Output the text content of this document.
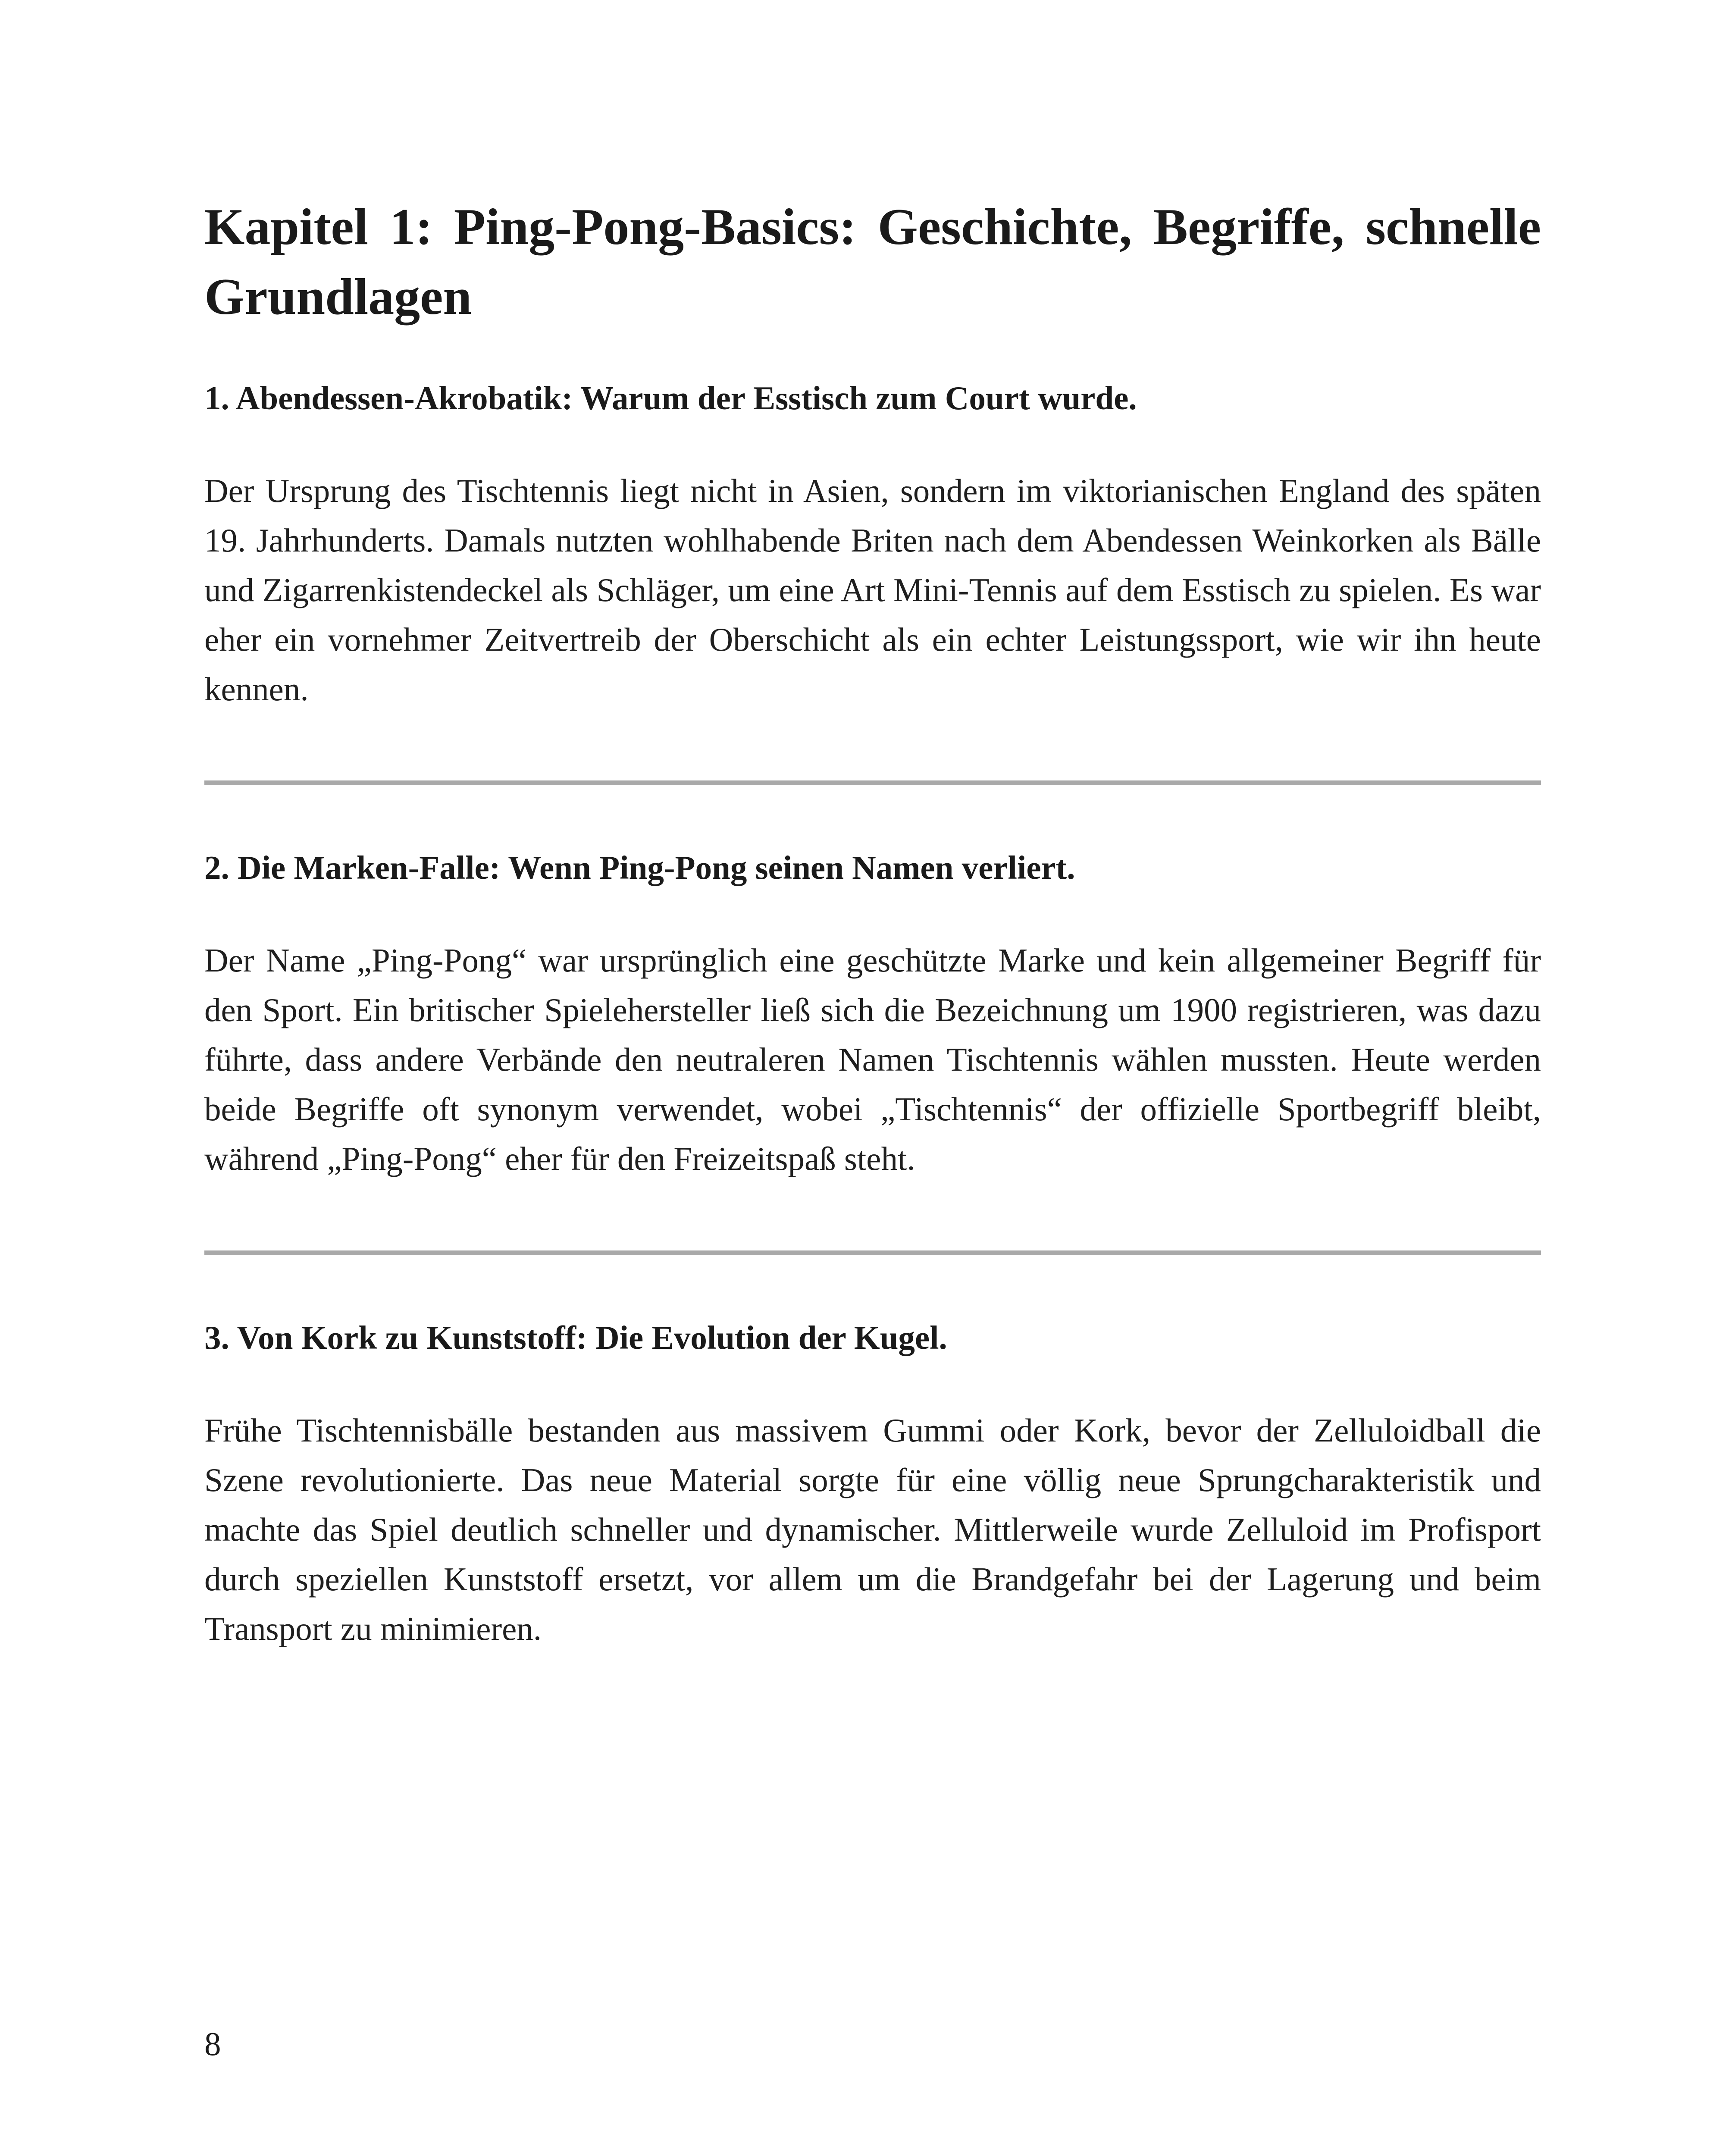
Kapitel 1: Ping-Pong-Basics: Geschichte, Begriffe, schnelle Grundlagen
1. Abendessen-Akrobatik: Warum der Esstisch zum Court wurde.

Der Ursprung des Tischtennis liegt nicht in Asien, sondern im viktorianischen England des späten 19. Jahrhunderts. Damals nutzten wohlhabende Briten nach dem Abendessen Weinkorken als Bälle und Zigarrenkistendeckel als Schläger, um eine Art Mini-Tennis auf dem Esstisch zu spielen. Es war eher ein vornehmer Zeitvertreib der Oberschicht als ein echter Leistungssport, wie wir ihn heute kennen.

2. Die Marken-Falle: Wenn Ping-Pong seinen Namen verliert.

Der Name „Ping-Pong“ war ursprünglich eine geschützte Marke und kein allgemeiner Begriff für den Sport. Ein britischer Spielehersteller ließ sich die Bezeichnung um 1900 registrieren, was dazu führte, dass andere Verbände den neutraleren Namen Tischtennis wählen mussten. Heute werden beide Begriffe oft synonym verwendet, wobei „Tischtennis“ der offizielle Sportbegriff bleibt, während „Ping-Pong“ eher für den Freizeitspaß steht.

3. Von Kork zu Kunststoff: Die Evolution der Kugel.

Frühe Tischtennisbälle bestanden aus massivem Gummi oder Kork, bevor der Zelluloidball die Szene revolutionierte. Das neue Material sorgte für eine völlig neue Sprungcharakteristik und machte das Spiel deutlich schneller und dynamischer. Mittlerweile wurde Zelluloid im Profisport durch speziellen Kunststoff ersetzt, vor allem um die Brandgefahr bei der Lagerung und beim Transport zu minimieren.

8
